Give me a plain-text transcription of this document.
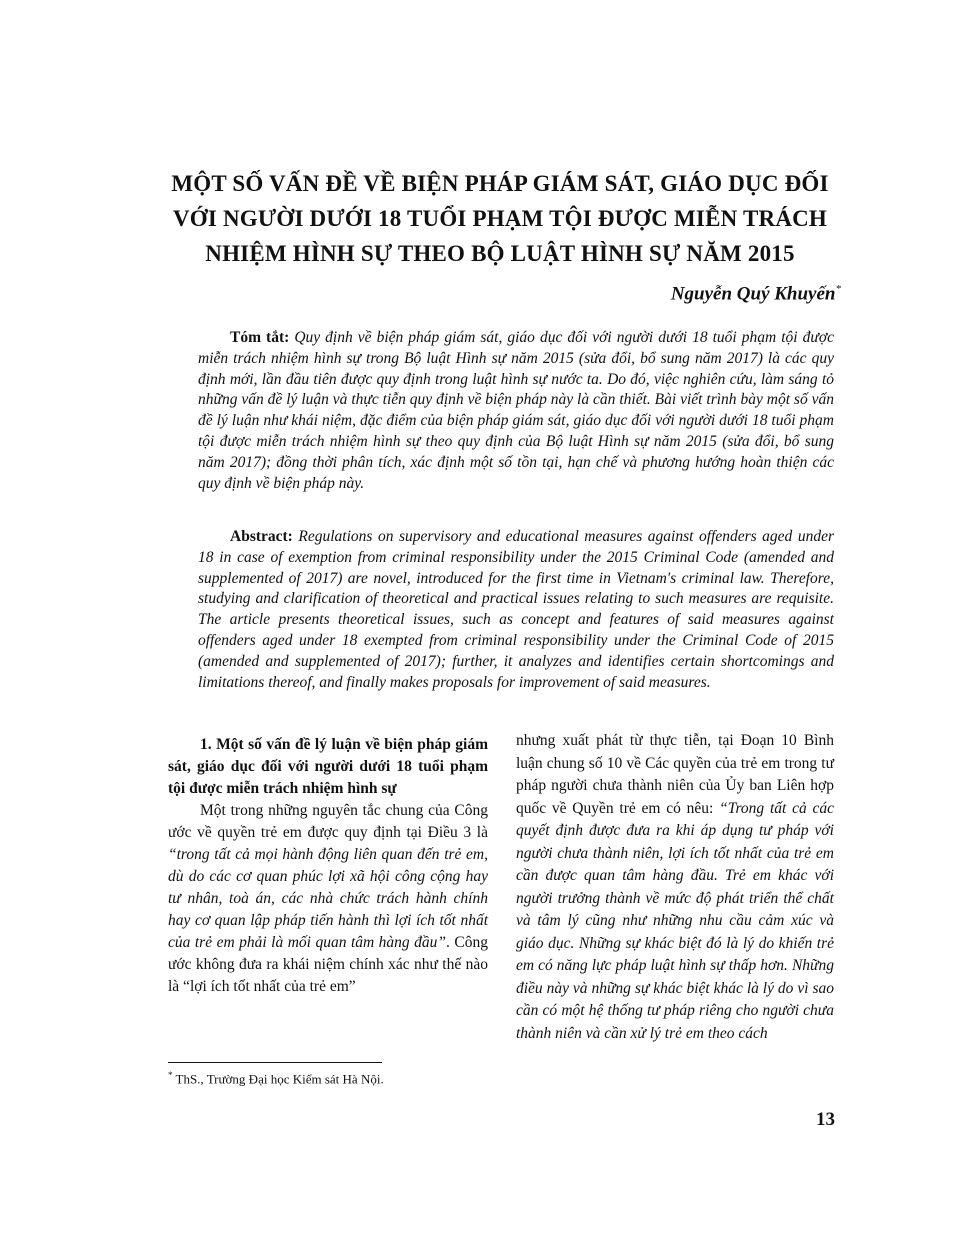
MỘT SỐ VẤN ĐỀ VỀ BIỆN PHÁP GIÁM SÁT, GIÁO DỤC ĐỐI
VỚI NGƯỜI DƯỚI 18 TUỔI PHẠM TỘI ĐƯỢC MIỄN TRÁCH
NHIỆM HÌNH SỰ THEO BỘ LUẬT HÌNH SỰ NĂM 2015
Nguyễn Quý Khuyến*
Tóm tắt: Quy định về biện pháp giám sát, giáo dục đối với người dưới 18 tuổi phạm tội được miễn trách nhiệm hình sự trong Bộ luật Hình sự năm 2015 (sửa đổi, bổ sung năm 2017) là các quy định mới, lần đầu tiên được quy định trong luật hình sự nước ta. Do đó, việc nghiên cứu, làm sáng tỏ những vấn đề lý luận và thực tiễn quy định về biện pháp này là cần thiết. Bài viết trình bày một số vấn đề lý luận như khái niệm, đặc điểm của biện pháp giám sát, giáo dục đối với người dưới 18 tuổi phạm tội được miễn trách nhiệm hình sự theo quy định của Bộ luật Hình sự năm 2015 (sửa đổi, bổ sung năm 2017); đồng thời phân tích, xác định một số tồn tại, hạn chế và phương hướng hoàn thiện các quy định về biện pháp này.
Abstract: Regulations on supervisory and educational measures against offenders aged under 18 in case of exemption from criminal responsibility under the 2015 Criminal Code (amended and supplemented of 2017) are novel, introduced for the first time in Vietnam's criminal law. Therefore, studying and clarification of theoretical and practical issues relating to such measures are requisite. The article presents theoretical issues, such as concept and features of said measures against offenders aged under 18 exempted from criminal responsibility under the Criminal Code of 2015 (amended and supplemented of 2017); further, it analyzes and identifies certain shortcomings and limitations thereof, and finally makes proposals for improvement of said measures.
1. Một số vấn đề lý luận về biện pháp giám sát, giáo dục đối với người dưới 18 tuổi phạm tội được miễn trách nhiệm hình sự
Một trong những nguyên tắc chung của Công ước về quyền trẻ em được quy định tại Điều 3 là “trong tất cả mọi hành động liên quan đến trẻ em, dù do các cơ quan phúc lợi xã hội công cộng hay tư nhân, toà án, các nhà chức trách hành chính hay cơ quan lập pháp tiến hành thì lợi ích tốt nhất của trẻ em phải là mối quan tâm hàng đầu”. Công ước không đưa ra khái niệm chính xác như thế nào là “lợi ích tốt nhất của trẻ em”
nhưng xuất phát từ thực tiễn, tại Đoạn 10 Bình luận chung số 10 về Các quyền của trẻ em trong tư pháp người chưa thành niên của Ủy ban Liên hợp quốc về Quyền trẻ em có nêu: “Trong tất cả các quyết định được đưa ra khi áp dụng tư pháp với người chưa thành niên, lợi ích tốt nhất của trẻ em cần được quan tâm hàng đầu. Trẻ em khác với người trưởng thành về mức độ phát triển thể chất và tâm lý cũng như những nhu cầu cảm xúc và giáo dục. Những sự khác biệt đó là lý do khiến trẻ em có năng lực pháp luật hình sự thấp hơn. Những điều này và những sự khác biệt khác là lý do vì sao cần có một hệ thống tư pháp riêng cho người chưa thành niên và cần xử lý trẻ em theo cách
* ThS., Trường Đại học Kiểm sát Hà Nội.
13
